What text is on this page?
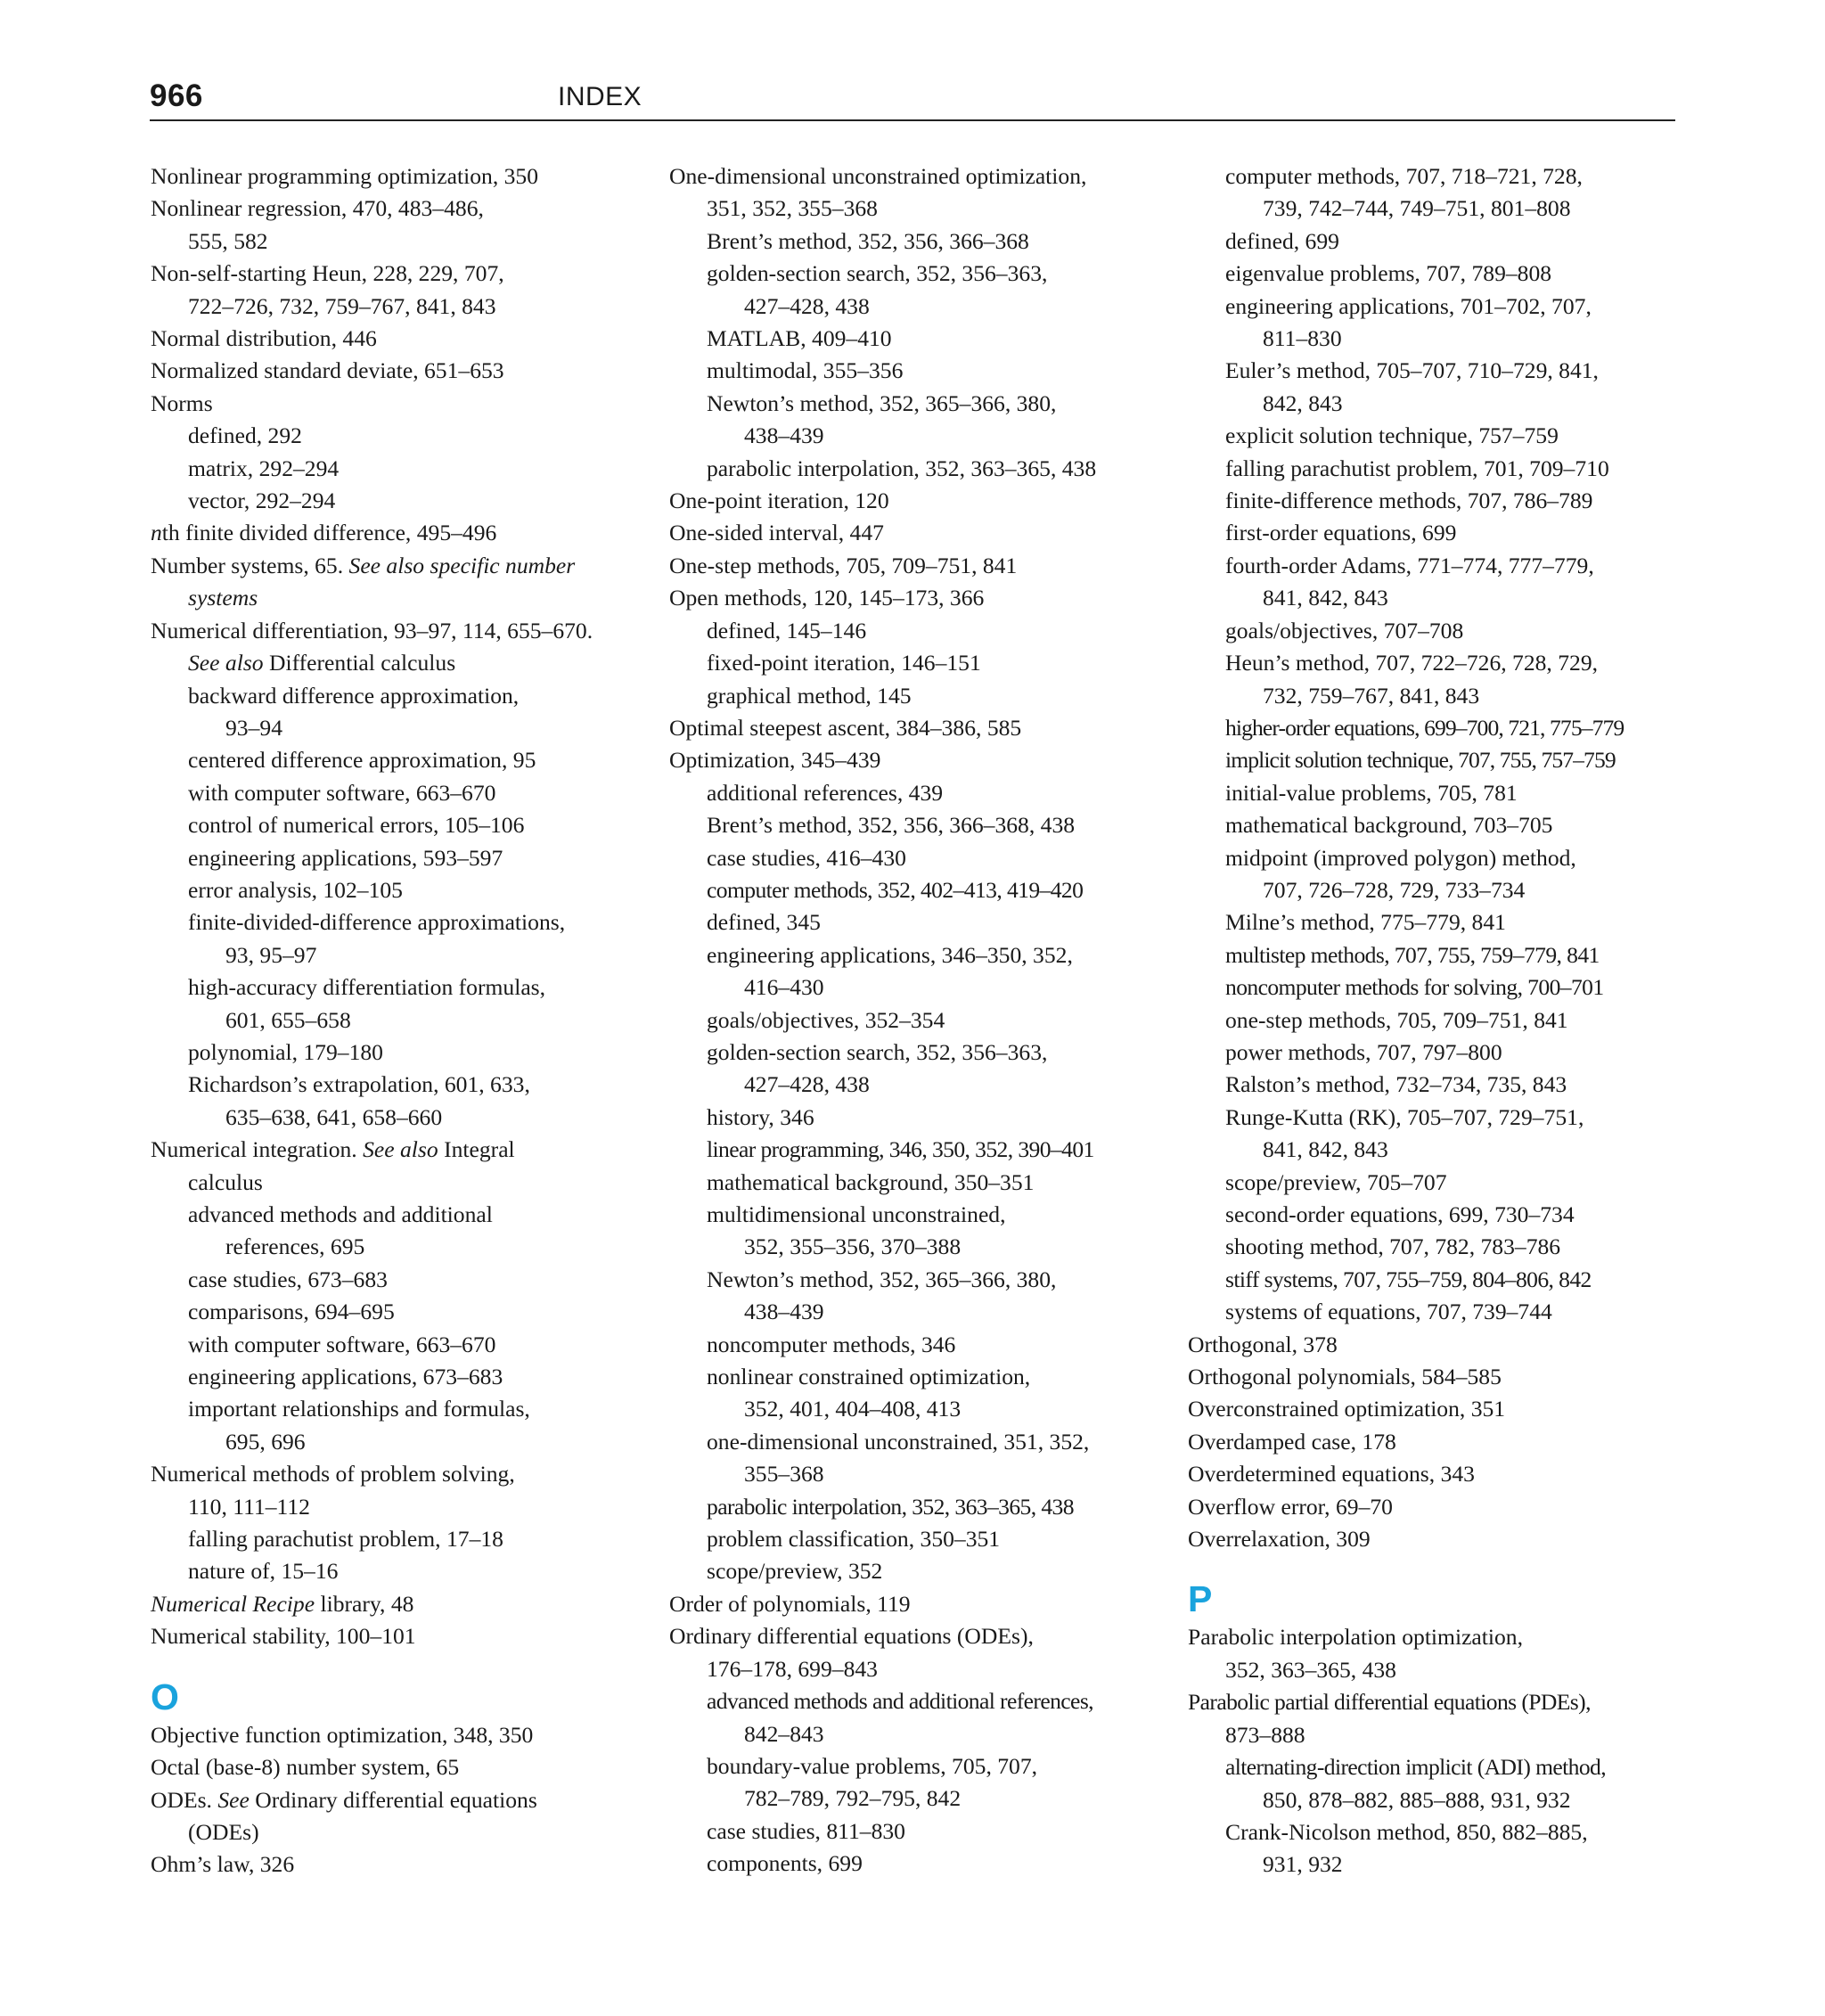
966	INDEX
Nonlinear programming optimization, 350
Nonlinear regression, 470, 483–486,
555, 582
Non-self-starting Heun, 228, 229, 707,
722–726, 732, 759–767, 841, 843
Normal distribution, 446
Normalized standard deviate, 651–653
Norms
defined, 292
matrix, 292–294
vector, 292–294
nth finite divided difference, 495–496
Number systems, 65. See also specific number
systems
Numerical differentiation, 93–97, 114, 655–670.
See also Differential calculus
backward difference approximation,
93–94
centered difference approximation, 95
with computer software, 663–670
control of numerical errors, 105–106
engineering applications, 593–597
error analysis, 102–105
finite-divided-difference approximations,
93, 95–97
high-accuracy differentiation formulas,
601, 655–658
polynomial, 179–180
Richardson’s extrapolation, 601, 633,
635–638, 641, 658–660
Numerical integration. See also Integral
calculus
advanced methods and additional
references, 695
case studies, 673–683
comparisons, 694–695
with computer software, 663–670
engineering applications, 673–683
important relationships and formulas,
695, 696
Numerical methods of problem solving,
110, 111–112
falling parachutist problem, 17–18
nature of, 15–16
Numerical Recipe library, 48
Numerical stability, 100–101
O
Objective function optimization, 348, 350
Octal (base-8) number system, 65
ODEs. See Ordinary differential equations
(ODEs)
Ohm’s law, 326
One-dimensional unconstrained optimization,
351, 352, 355–368
Brent’s method, 352, 356, 366–368
golden-section search, 352, 356–363,
427–428, 438
MATLAB, 409–410
multimodal, 355–356
Newton’s method, 352, 365–366, 380,
438–439
parabolic interpolation, 352, 363–365, 438
One-point iteration, 120
One-sided interval, 447
One-step methods, 705, 709–751, 841
Open methods, 120, 145–173, 366
defined, 145–146
fixed-point iteration, 146–151
graphical method, 145
Optimal steepest ascent, 384–386, 585
Optimization, 345–439
additional references, 439
Brent’s method, 352, 356, 366–368, 438
case studies, 416–430
computer methods, 352, 402–413, 419–420
defined, 345
engineering applications, 346–350, 352,
416–430
goals/objectives, 352–354
golden-section search, 352, 356–363,
427–428, 438
history, 346
linear programming, 346, 350, 352, 390–401
mathematical background, 350–351
multidimensional unconstrained,
352, 355–356, 370–388
Newton’s method, 352, 365–366, 380,
438–439
noncomputer methods, 346
nonlinear constrained optimization,
352, 401, 404–408, 413
one-dimensional unconstrained, 351, 352,
355–368
parabolic interpolation, 352, 363–365, 438
problem classification, 350–351
scope/preview, 352
Order of polynomials, 119
Ordinary differential equations (ODEs),
176–178, 699–843
advanced methods and additional references,
842–843
boundary-value problems, 705, 707,
782–789, 792–795, 842
case studies, 811–830
components, 699
computer methods, 707, 718–721, 728,
739, 742–744, 749–751, 801–808
defined, 699
eigenvalue problems, 707, 789–808
engineering applications, 701–702, 707,
811–830
Euler’s method, 705–707, 710–729, 841,
842, 843
explicit solution technique, 757–759
falling parachutist problem, 701, 709–710
finite-difference methods, 707, 786–789
first-order equations, 699
fourth-order Adams, 771–774, 777–779,
841, 842, 843
goals/objectives, 707–708
Heun’s method, 707, 722–726, 728, 729,
732, 759–767, 841, 843
higher-order equations, 699–700, 721, 775–779
implicit solution technique, 707, 755, 757–759
initial-value problems, 705, 781
mathematical background, 703–705
midpoint (improved polygon) method,
707, 726–728, 729, 733–734
Milne’s method, 775–779, 841
multistep methods, 707, 755, 759–779, 841
noncomputer methods for solving, 700–701
one-step methods, 705, 709–751, 841
power methods, 707, 797–800
Ralston’s method, 732–734, 735, 843
Runge-Kutta (RK), 705–707, 729–751,
841, 842, 843
scope/preview, 705–707
second-order equations, 699, 730–734
shooting method, 707, 782, 783–786
stiff systems, 707, 755–759, 804–806, 842
systems of equations, 707, 739–744
Orthogonal, 378
Orthogonal polynomials, 584–585
Overconstrained optimization, 351
Overdamped case, 178
Overdetermined equations, 343
Overflow error, 69–70
Overrelaxation, 309
P
Parabolic interpolation optimization,
352, 363–365, 438
Parabolic partial differential equations (PDEs),
873–888
alternating-direction implicit (ADI) method,
850, 878–882, 885–888, 931, 932
Crank-Nicolson method, 850, 882–885,
931, 932
